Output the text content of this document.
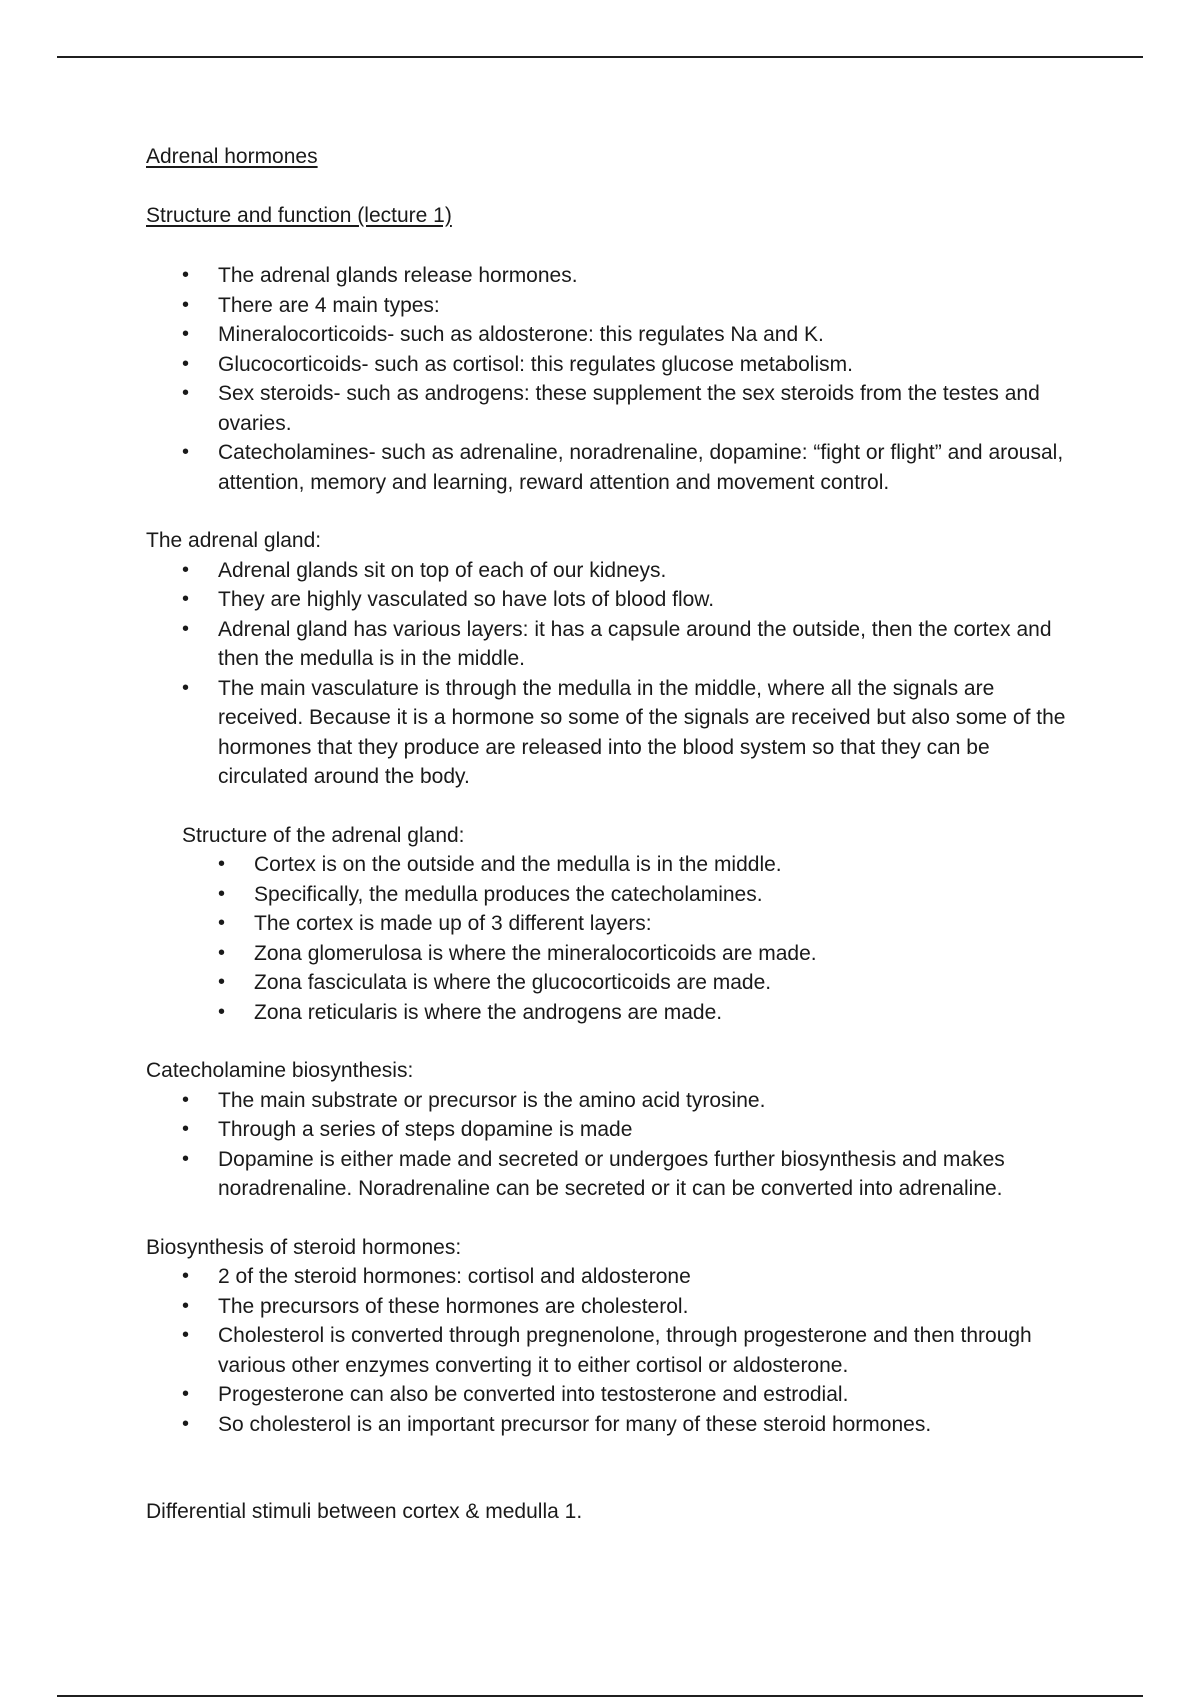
Adrenal hormones

Structure and function (lecture 1)

• The adrenal glands release hormones.
• There are 4 main types:
• Mineralocorticoids- such as aldosterone: this regulates Na and K.
• Glucocorticoids- such as cortisol: this regulates glucose metabolism.
• Sex steroids- such as androgens: these supplement the sex steroids from the testes and ovaries.
• Catecholamines- such as adrenaline, noradrenaline, dopamine: “fight or flight” and arousal, attention, memory and learning, reward attention and movement control.

The adrenal gland:

• Adrenal glands sit on top of each of our kidneys.
• They are highly vasculated so have lots of blood flow.
• Adrenal gland has various layers: it has a capsule around the outside, then the cortex and then the medulla is in the middle.
• The main vasculature is through the medulla in the middle, where all the signals are received. Because it is a hormone so some of the signals are received but also some of the hormones that they produce are released into the blood system so that they can be circulated around the body.

Structure of the adrenal gland:

• Cortex is on the outside and the medulla is in the middle.
• Specifically, the medulla produces the catecholamines.
• The cortex is made up of 3 different layers:
• Zona glomerulosa is where the mineralocorticoids are made.
• Zona fasciculata is where the glucocorticoids are made.
• Zona reticularis is where the androgens are made.

Catecholamine biosynthesis:

• The main substrate or precursor is the amino acid tyrosine.
• Through a series of steps dopamine is made
• Dopamine is either made and secreted or undergoes further biosynthesis and makes noradrenaline. Noradrenaline can be secreted or it can be converted into adrenaline.

Biosynthesis of steroid hormones:

• 2 of the steroid hormones: cortisol and aldosterone
• The precursors of these hormones are cholesterol.
• Cholesterol is converted through pregnenolone, through progesterone and then through various other enzymes converting it to either cortisol or aldosterone.
• Progesterone can also be converted into testosterone and estrodial.
• So cholesterol is an important precursor for many of these steroid hormones.

Differential stimuli between cortex & medulla 1.
